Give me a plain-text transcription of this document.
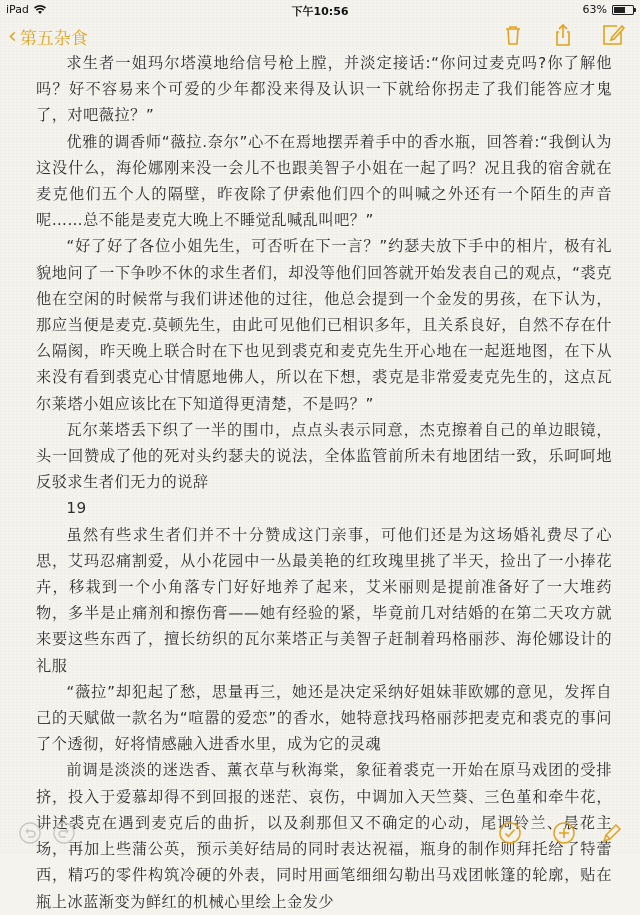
iPad	下午10:56	63%
‹ 第五杂食

求生者一姐玛尔塔漠地给信号枪上膛，并淡定接话:“你问过麦克吗?你了解他吗？好不容易来个可爱的少年都没来得及认识一下就给你拐走了我们能答应才鬼了，对吧薇拉？”

优雅的调香师“薇拉.奈尔”心不在焉地摆弄着手中的香水瓶，回答着:“我倒认为这没什么，海伦娜刚来没一会儿不也跟美智子小姐在一起了吗？况且我的宿舍就在麦克他们五个人的隔壁，昨夜除了伊索他们四个的叫喊之外还有一个陌生的声音呢……总不能是麦克大晚上不睡觉乱喊乱叫吧？”

“好了好了各位小姐先生，可否听在下一言？”约瑟夫放下手中的相片，极有礼貌地问了一下争吵不休的求生者们，却没等他们回答就开始发表自己的观点，“裘克他在空闲的时候常与我们讲述他的过往，他总会提到一个金发的男孩，在下认为，那应当便是麦克.莫顿先生，由此可见他们已相识多年，且关系良好，自然不存在什么隔阂，昨天晚上联合时在下也见到裘克和麦克先生开心地在一起逛地图，在下从来没有看到裘克心甘情愿地佛人，所以在下想，裘克是非常爱麦克先生的，这点瓦尔莱塔小姐应该比在下知道得更清楚，不是吗？”

瓦尔莱塔丢下织了一半的围巾，点点头表示同意，杰克擦着自己的单边眼镜，头一回赞成了他的死对头约瑟夫的说法，全体监管前所未有地团结一致，乐呵呵地反驳求生者们无力的说辞

19

虽然有些求生者们并不十分赞成这门亲事，可他们还是为这场婚礼费尽了心思，艾玛忍痛割爱，从小花园中一丛最美艳的红玫瑰里挑了半天，捡出了一小捧花卉，移栽到一个小角落专门好好地养了起来，艾米丽则是提前准备好了一大堆药物，多半是止痛剂和擦伤膏——她有经验的紧，毕竟前几对结婚的在第二天攻方就来要这些东西了，擅长纺织的瓦尔莱塔正与美智子赶制着玛格丽莎、海伦娜设计的礼服

“薇拉”却犯起了愁，思量再三，她还是决定采纳好姐妹菲欧娜的意见，发挥自己的天赋做一款名为“喧嚣的爱恋”的香水，她特意找玛格丽莎把麦克和裘克的事问了个透彻，好将情感融入进香水里，成为它的灵魂

前调是淡淡的迷迭香、薰衣草与秋海棠，象征着裘克一开始在原马戏团的受排挤，投入于爱慕却得不到回报的迷茫、哀伤，中调加入天竺葵、三色堇和牵牛花，讲述裘克在遇到麦克后的曲折，以及刹那但又不确定的心动，尾调铃兰、晨花主场，再加上些蒲公英，预示美好结局的同时表达祝福，瓶身的制作则拜托给了特蕾西，精巧的零件构筑冷硬的外表，同时用画笔细细勾勒出马戏团帐篷的轮廓，贴在瓶上冰蓝渐变为鲜红的机械心里绘上金发少
